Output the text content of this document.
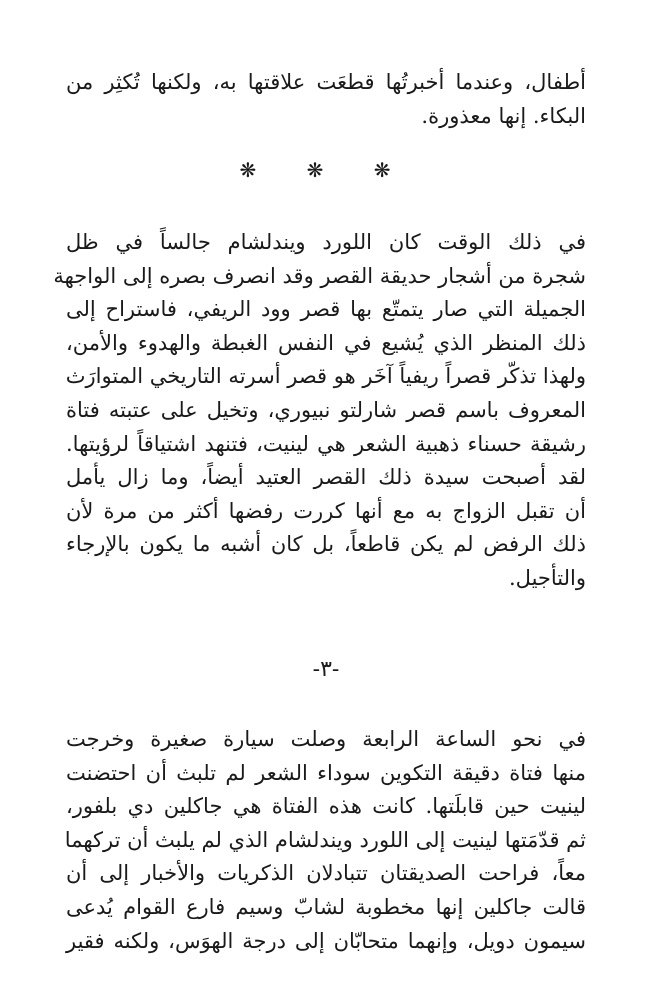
أطفال، وعندما أخبرتُها قطعَت علاقتها به، ولكنها تُكثِر من
البكاء. إنها معذورة.
❋ ❋ ❋
في ذلك الوقت كان اللورد ويندلشام جالساً في ظل
شجرة من أشجار حديقة القصر وقد انصرف بصره إلى الواجهة
الجميلة التي صار يتمتّع بها قصر وود الريفي، فاستراح إلى
ذلك المنظر الذي يُشيع في النفس الغبطة والهدوء والأمن،
ولهذا تذكّر قصراً ريفياً آخَر هو قصر أسرته التاريخي المتوارَث
المعروف باسم قصر شارلتو نبيوري، وتخيل على عتبته فتاة
رشيقة حسناء ذهبية الشعر هي لينيت، فتنهد اشتياقاً لرؤيتها.
لقد أصبحت سيدة ذلك القصر العتيد أيضاً، وما زال يأمل
أن تقبل الزواج به مع أنها كررت رفضها أكثر من مرة لأن
ذلك الرفض لم يكن قاطعاً، بل كان أشبه ما يكون بالإرجاء
والتأجيل.
-٣-
في نحو الساعة الرابعة وصلت سيارة صغيرة وخرجت
منها فتاة دقيقة التكوين سوداء الشعر لم تلبث أن احتضنت
لينيت حين قابلَتها. كانت هذه الفتاة هي جاكلين دي بلفور،
ثم قدّمَتها لينيت إلى اللورد ويندلشام الذي لم يلبث أن تركهما
معاً، فراحت الصديقتان تتبادلان الذكريات والأخبار إلى أن
قالت جاكلين إنها مخطوبة لشابّ وسيم فارع القوام يُدعى
سيمون دويل، وإنهما متحابّان إلى درجة الهوَس، ولكنه فقير
